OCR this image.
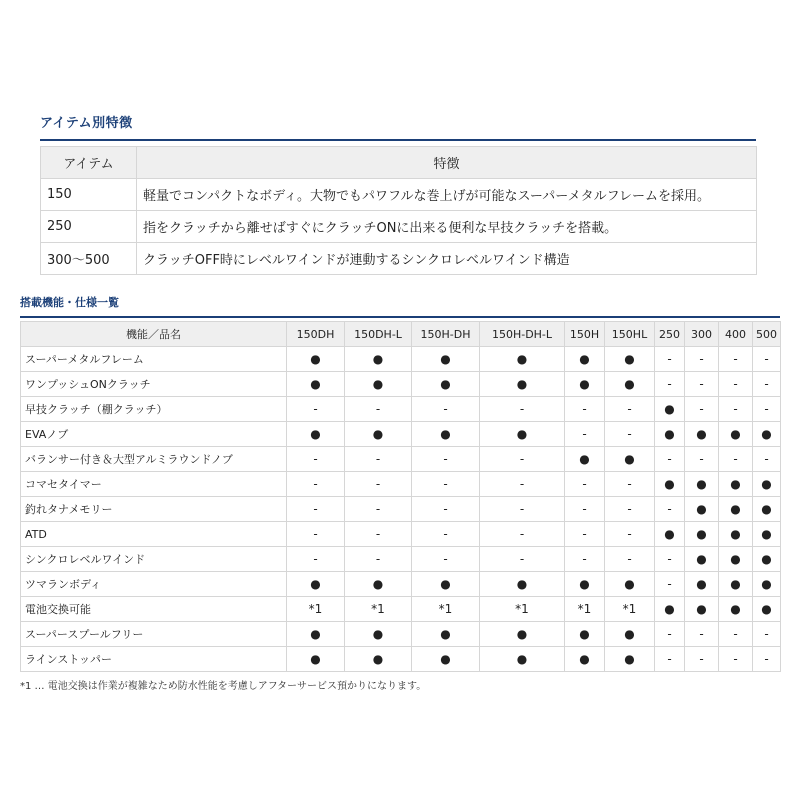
アイテム別特徴
アイテム	特徴
150	軽量でコンパクトなボディ。大物でもパワフルな巻上げが可能なスーパーメタルフレームを採用。
250	指をクラッチから離せばすぐにクラッチONに出来る便利な早技クラッチを搭載。
300～500	クラッチOFF時にレベルワインドが連動するシンクロレベルワインド構造
搭載機能・仕様一覧
機能／品名	150DH	150DH-L	150H-DH	150H-DH-L	150H	150HL	250	300	400	500
スーパーメタルフレーム	●	●	●	●	●	●	-	-	-	-
ワンプッシュONクラッチ	●	●	●	●	●	●	-	-	-	-
早技クラッチ（棚クラッチ）	-	-	-	-	-	-	●	-	-	-
EVAノブ	●	●	●	●	-	-	●	●	●	●
バランサー付き＆大型アルミラウンドノブ	-	-	-	-	●	●	-	-	-	-
コマセタイマー	-	-	-	-	-	-	●	●	●	●
釣れタナメモリー	-	-	-	-	-	-	-	●	●	●
ATD	-	-	-	-	-	-	●	●	●	●
シンクロレベルワインド	-	-	-	-	-	-	-	●	●	●
ツマランボディ	●	●	●	●	●	●	-	●	●	●
電池交換可能	*1	*1	*1	*1	*1	*1	●	●	●	●
スーパースプールフリー	●	●	●	●	●	●	-	-	-	-
ラインストッパー	●	●	●	●	●	●	-	-	-	-
*1 … 電池交換は作業が複雑なため防水性能を考慮しアフターサービス預かりになります。
